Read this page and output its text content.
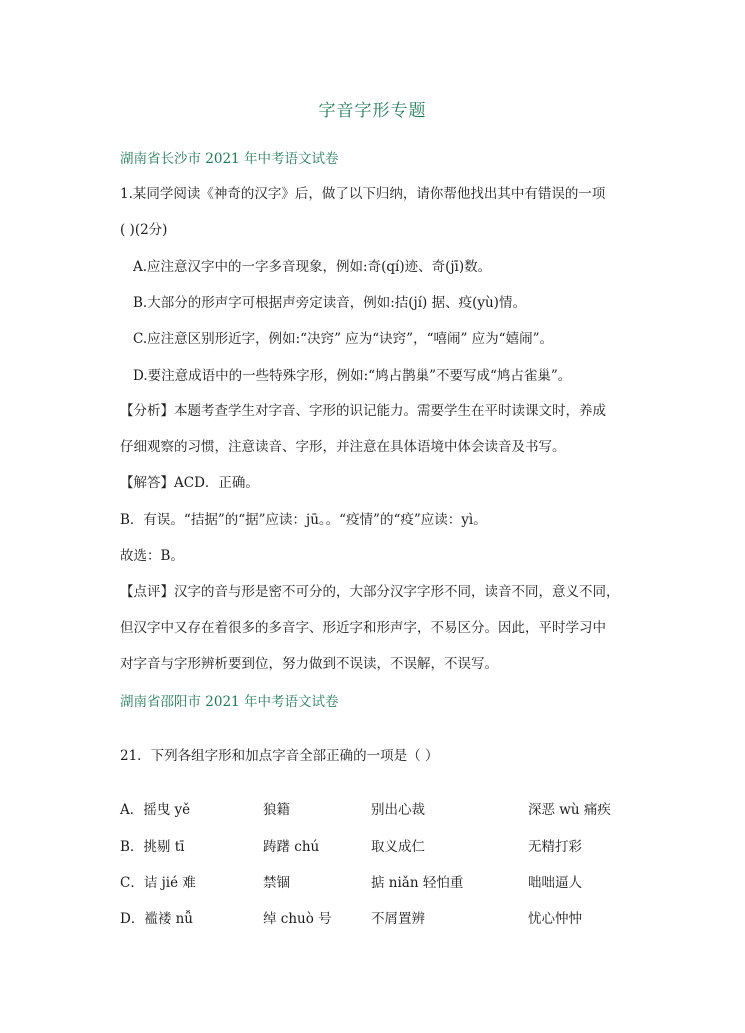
字音字形专题
湖南省长沙市 2021 年中考语文试卷
1.某同学阅读《神奇的汉字》后，做了以下归纳，请你帮他找出其中有错误的一项
( )(2分)
A.应注意汉字中的一字多音现象，例如:奇(qí)迹、奇(jī)数。
B.大部分的形声字可根据声旁定读音，例如:拮(jí) 据、疫(yù)情。
C.应注意区别形近字，例如:“决窍” 应为“诀窍”，“嘻闹” 应为“嬉闹”。
D.要注意成语中的一些特殊字形，例如:“鸠占鹊巢”不要写成“鸠占雀巢”。
【分析】本题考查学生对字音、字形的识记能力。需要学生在平时读课文时，养成
仔细观察的习惯，注意读音、字形，并注意在具体语境中体会读音及书写。
【解答】ACD．正确。
B．有误。“拮据”的“据”应读：jū。。“疫情”的“疫”应读：yì。
故选：B。
【点评】汉字的音与形是密不可分的，大部分汉字字形不同，读音不同，意义不同，
但汉字中又存在着很多的多音字、形近字和形声字，不易区分。因此，平时学习中
对字音与字形辨析要到位，努力做到不误读，不误解，不误写。
湖南省邵阳市 2021 年中考语文试卷
21．下列各组字形和加点字音全部正确的一项是（ ）
A．摇曳 yě	狼籍	别出心裁	深恶 wù 痛疾
B．挑剔 tī	踌躇 chú	取义成仁	无精打彩
C．诘 jié 难	禁锢	掂 niǎn 轻怕重	咄咄逼人
D．褴褛 nǚ	绰 chuò 号	不屑置辨	忧心忡忡
